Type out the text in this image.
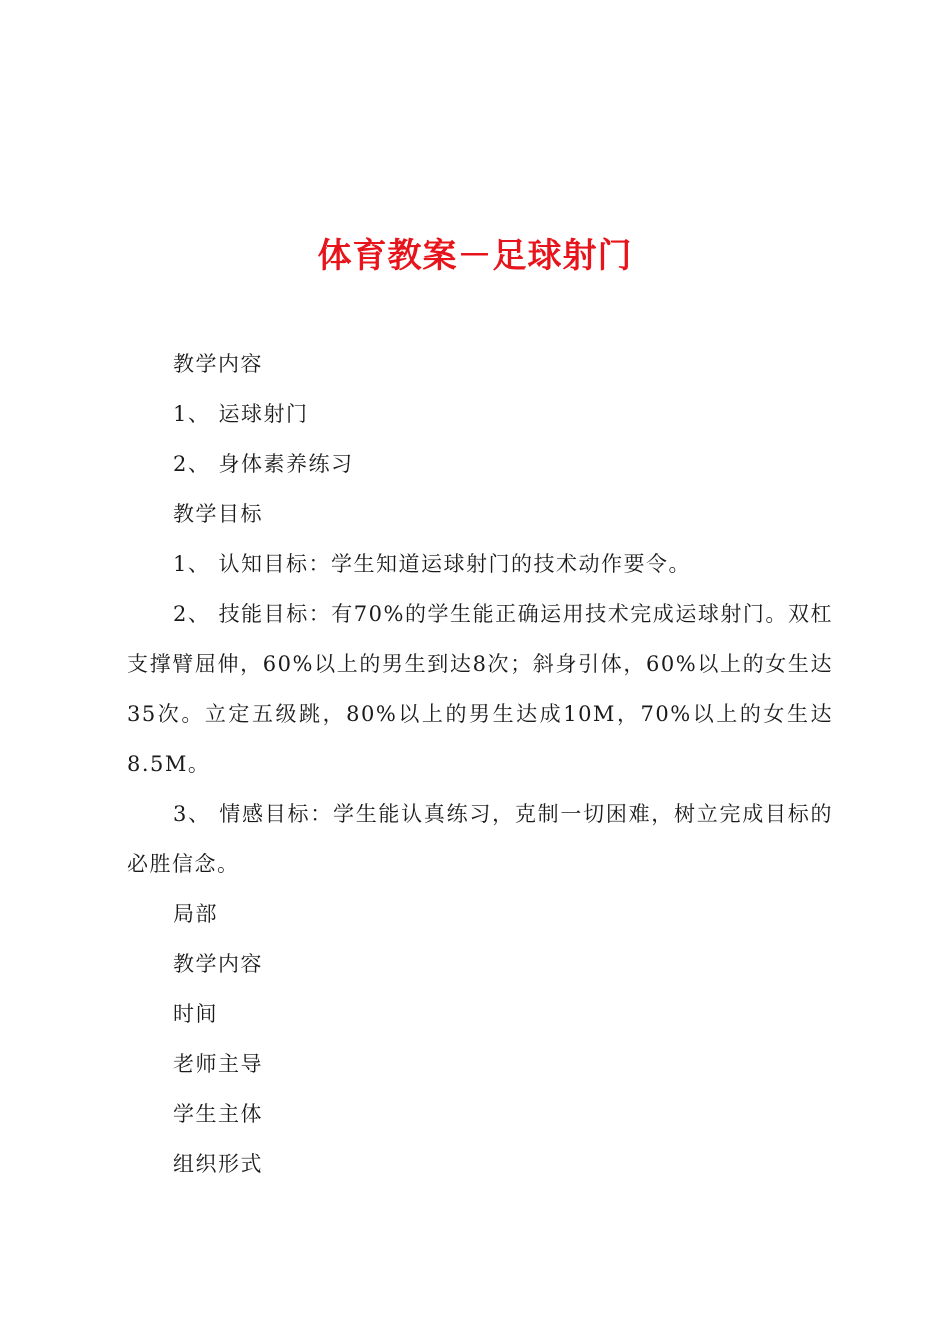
体育教案－足球射门

教学内容

1、 运球射门

2、 身体素养练习

教学目标

1、 认知目标：学生知道运球射门的技术动作要令。

2、 技能目标：有70%的学生能正确运用技术完成运球射门。双杠支撑臂屈伸，60%以上的男生到达8次；斜身引体，60%以上的女生达35次。立定五级跳，80%以上的男生达成10M，70%以上的女生达8.5M。

3、 情感目标：学生能认真练习，克制一切困难，树立完成目标的必胜信念。

局部

教学内容

时间

老师主导

学生主体

组织形式
